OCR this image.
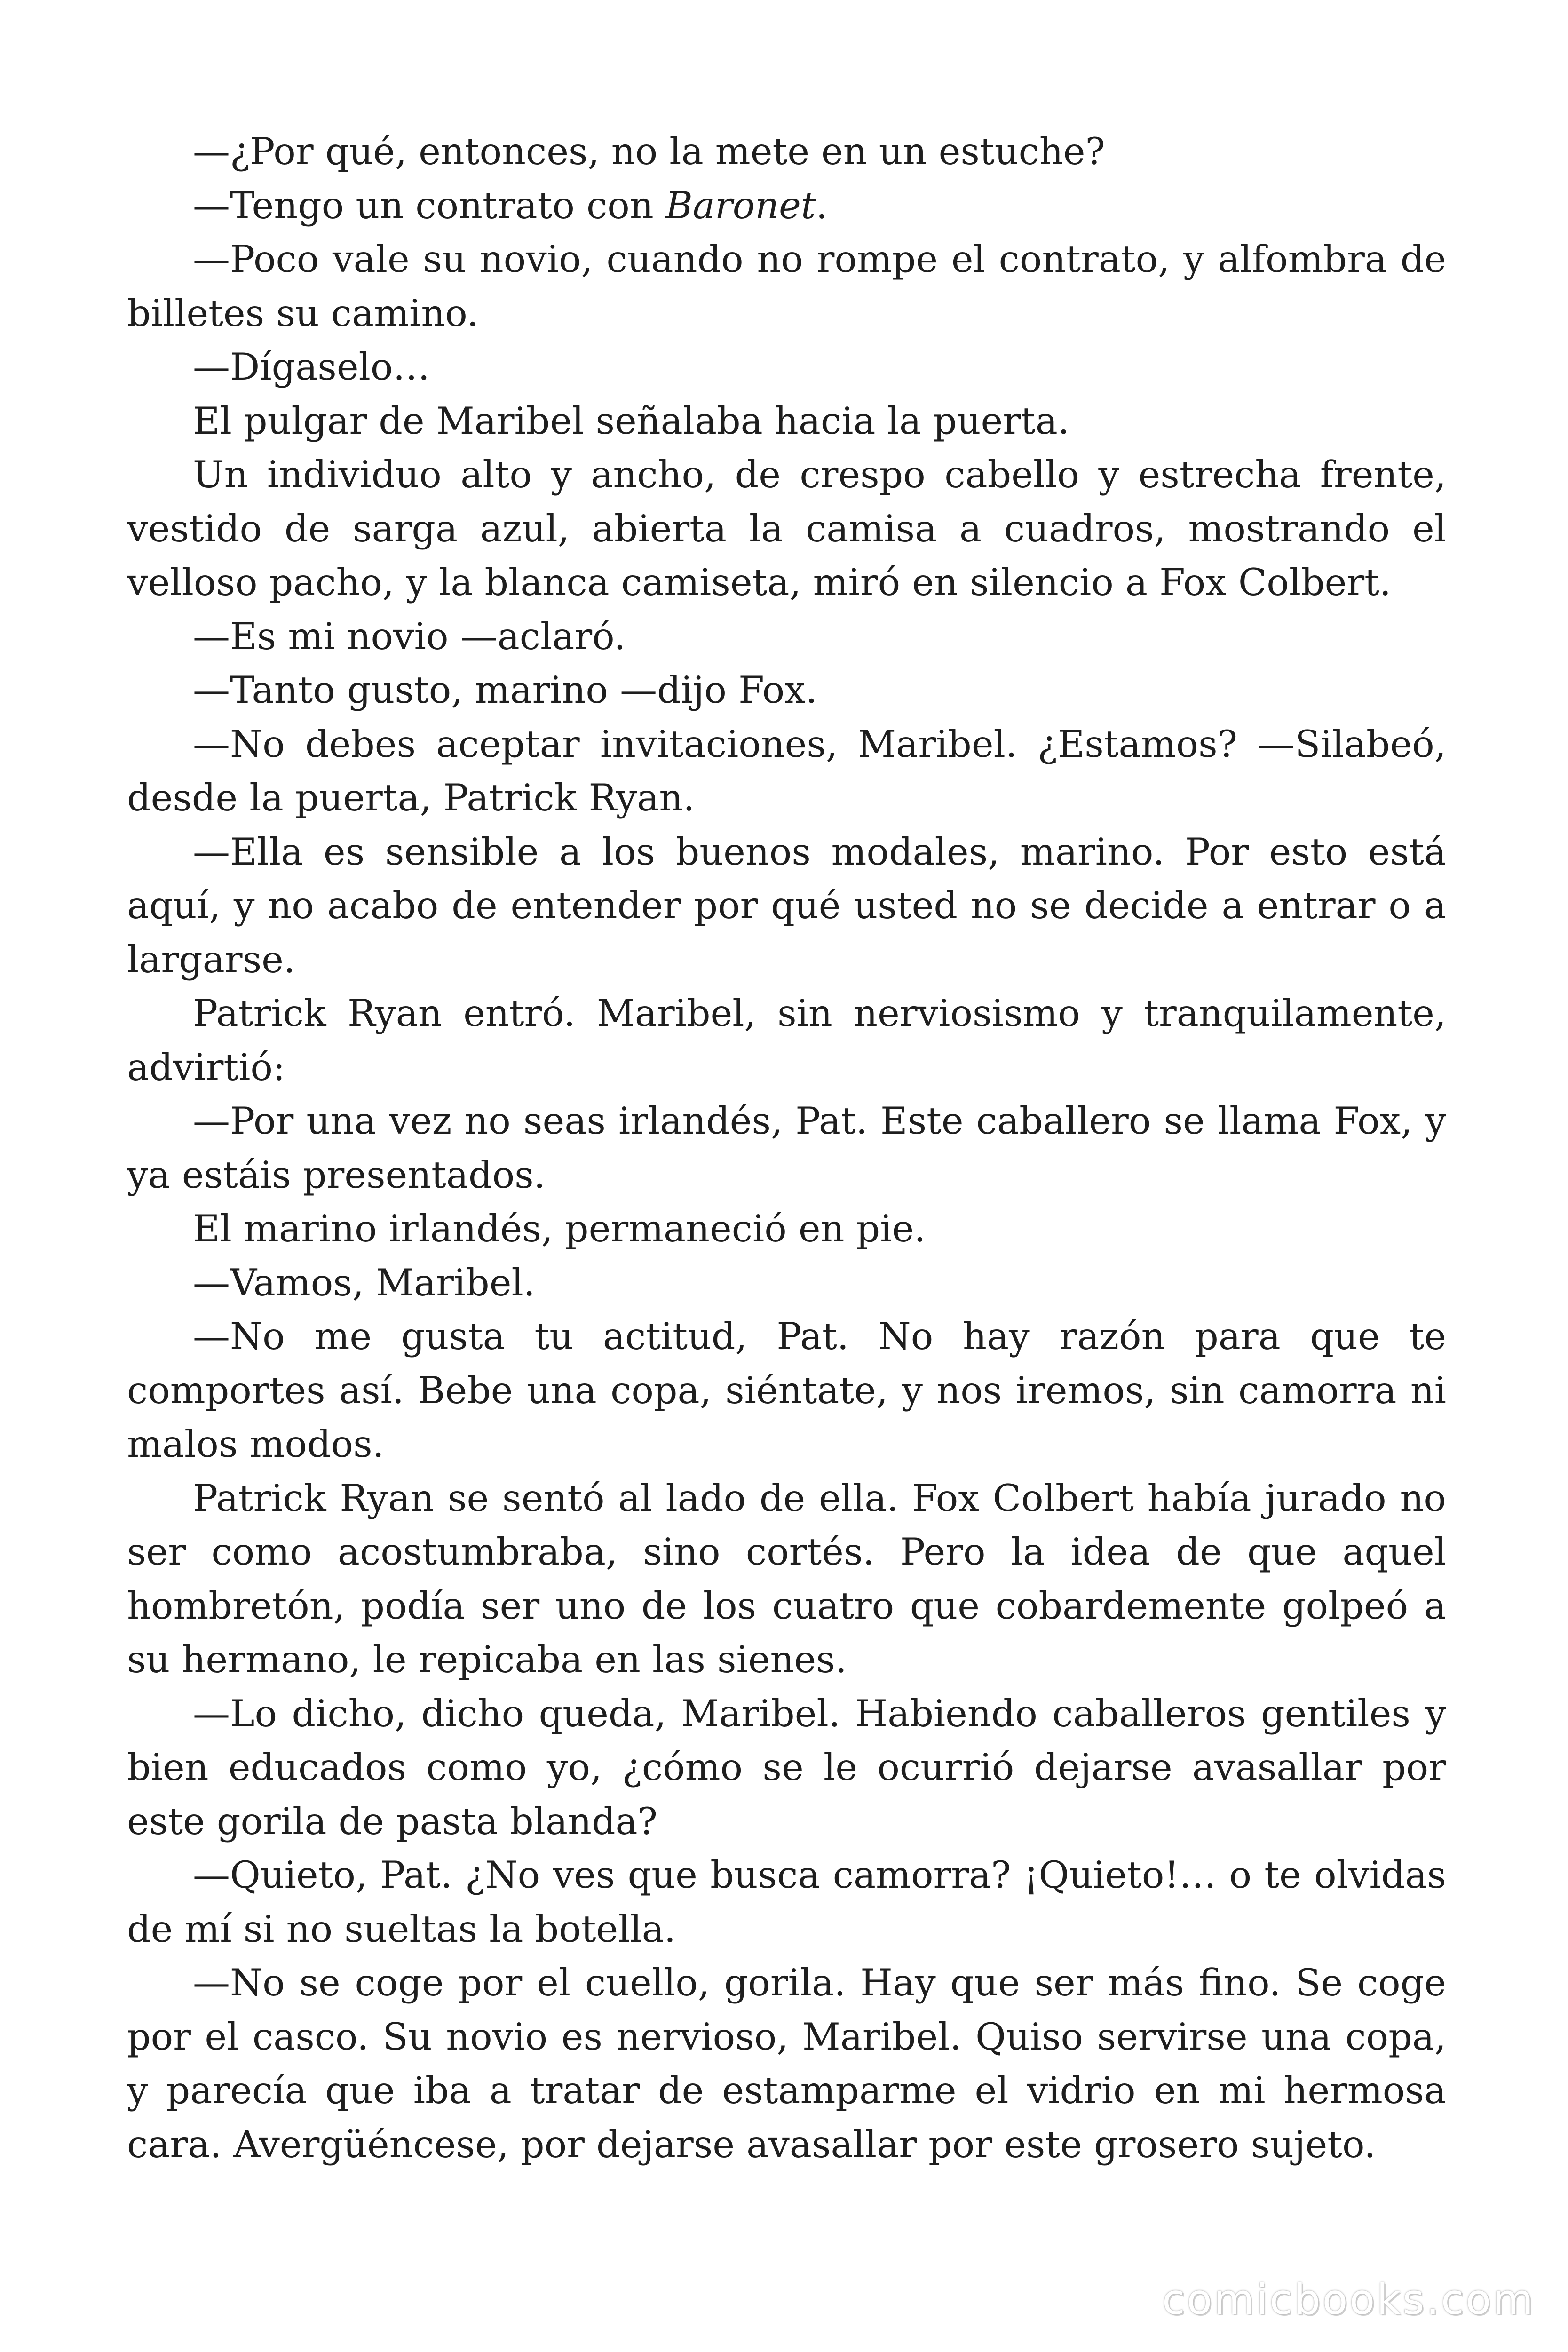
—¿Por qué, entonces, no la mete en un estuche?

—Tengo un contrato con Baronet.

—Poco vale su novio, cuando no rompe el contrato, y alfombra de billetes su camino.

—Dígaselo…

El pulgar de Maribel señalaba hacia la puerta.

Un individuo alto y ancho, de crespo cabello y estrecha frente, vestido de sarga azul, abierta la camisa a cuadros, mostrando el velloso pacho, y la blanca camiseta, miró en silencio a Fox Colbert.

—Es mi novio —aclaró.

—Tanto gusto, marino —dijo Fox.

—No debes aceptar invitaciones, Maribel. ¿Estamos? —Silabeó, desde la puerta, Patrick Ryan.

—Ella es sensible a los buenos modales, marino. Por esto está aquí, y no acabo de entender por qué usted no se decide a entrar o a largarse.

Patrick Ryan entró. Maribel, sin nerviosismo y tranquilamente, advirtió:

—Por una vez no seas irlandés, Pat. Este caballero se llama Fox, y ya estáis presentados.

El marino irlandés, permaneció en pie.

—Vamos, Maribel.

—No me gusta tu actitud, Pat. No hay razón para que te comportes así. Bebe una copa, siéntate, y nos iremos, sin camorra ni malos modos.

Patrick Ryan se sentó al lado de ella. Fox Colbert había jurado no ser como acostumbraba, sino cortés. Pero la idea de que aquel hombretón, podía ser uno de los cuatro que cobardemente golpeó a su hermano, le repicaba en las sienes.

—Lo dicho, dicho queda, Maribel. Habiendo caballeros gentiles y bien educados como yo, ¿cómo se le ocurrió dejarse avasallar por este gorila de pasta blanda?

—Quieto, Pat. ¿No ves que busca camorra? ¡Quieto!… o te olvidas de mí si no sueltas la botella.

—No se coge por el cuello, gorila. Hay que ser más fino. Se coge por el casco. Su novio es nervioso, Maribel. Quiso servirse una copa, y parecía que iba a tratar de estamparme el vidrio en mi hermosa cara. Avergüéncese, por dejarse avasallar por este grosero sujeto.

comicbooks.com
